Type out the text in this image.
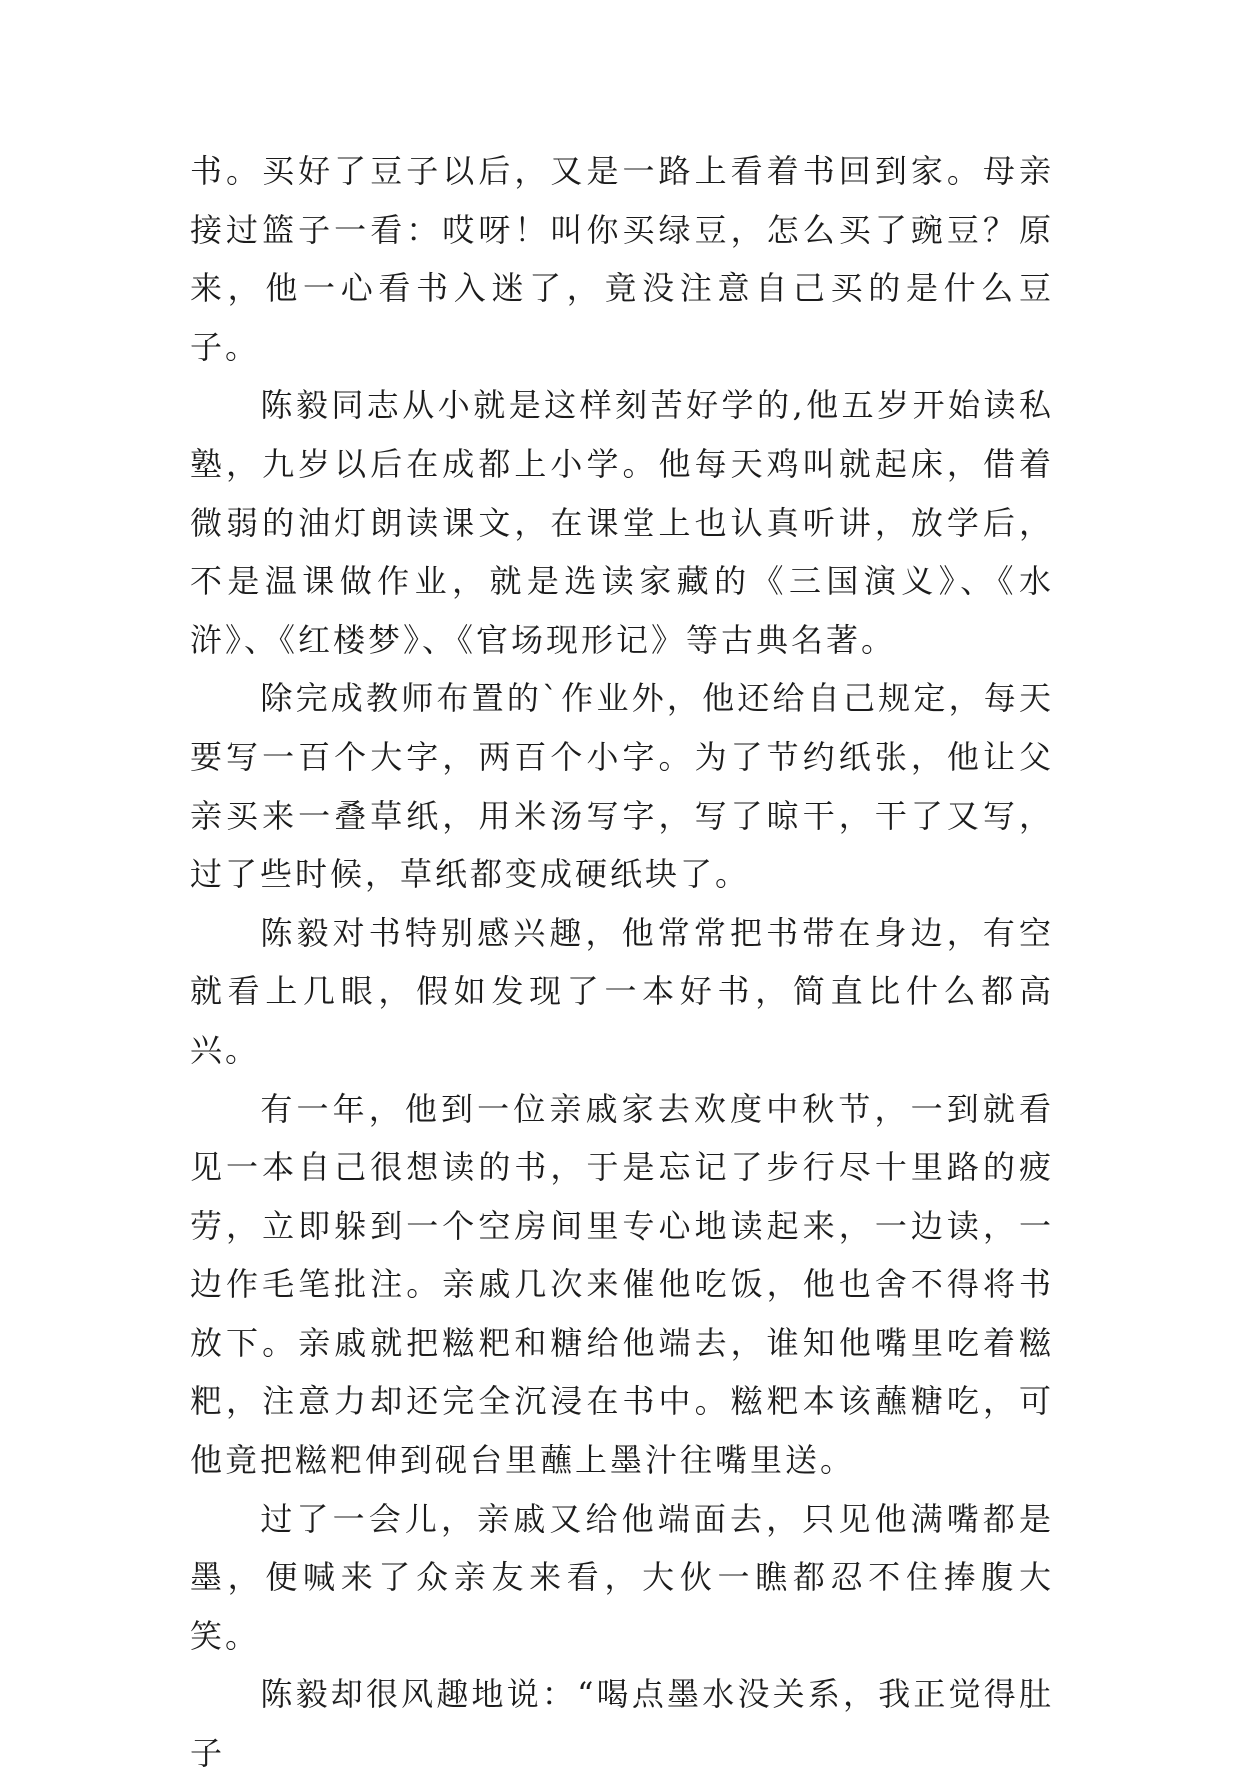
书。买好了豆子以后，又是一路上看着书回到家。母亲接过篮子一看：哎呀！叫你买绿豆，怎么买了豌豆？原来，他一心看书入迷了，竟没注意自己买的是什么豆子。

陈毅同志从小就是这样刻苦好学的,他五岁开始读私塾，九岁以后在成都上小学。他每天鸡叫就起床，借着微弱的油灯朗读课文，在课堂上也认真听讲，放学后，不是温课做作业，就是选读家藏的《三国演义》、《水浒》、《红楼梦》、《官场现形记》等古典名著。

除完成教师布置的`作业外，他还给自己规定，每天要写一百个大字，两百个小字。为了节约纸张，他让父亲买来一叠草纸，用米汤写字，写了晾干，干了又写，过了些时候，草纸都变成硬纸块了。

陈毅对书特别感兴趣，他常常把书带在身边，有空就看上几眼，假如发现了一本好书，简直比什么都高兴。

有一年，他到一位亲戚家去欢度中秋节，一到就看见一本自己很想读的书，于是忘记了步行尽十里路的疲劳，立即躲到一个空房间里专心地读起来，一边读，一边作毛笔批注。亲戚几次来催他吃饭，他也舍不得将书放下。亲戚就把糍粑和糖给他端去，谁知他嘴里吃着糍粑，注意力却还完全沉浸在书中。糍粑本该蘸糖吃，可他竟把糍粑伸到砚台里蘸上墨汁往嘴里送。

过了一会儿，亲戚又给他端面去，只见他满嘴都是墨，便喊来了众亲友来看，大伙一瞧都忍不住捧腹大笑。

陈毅却很风趣地说：“喝点墨水没关系，我正觉得肚子
